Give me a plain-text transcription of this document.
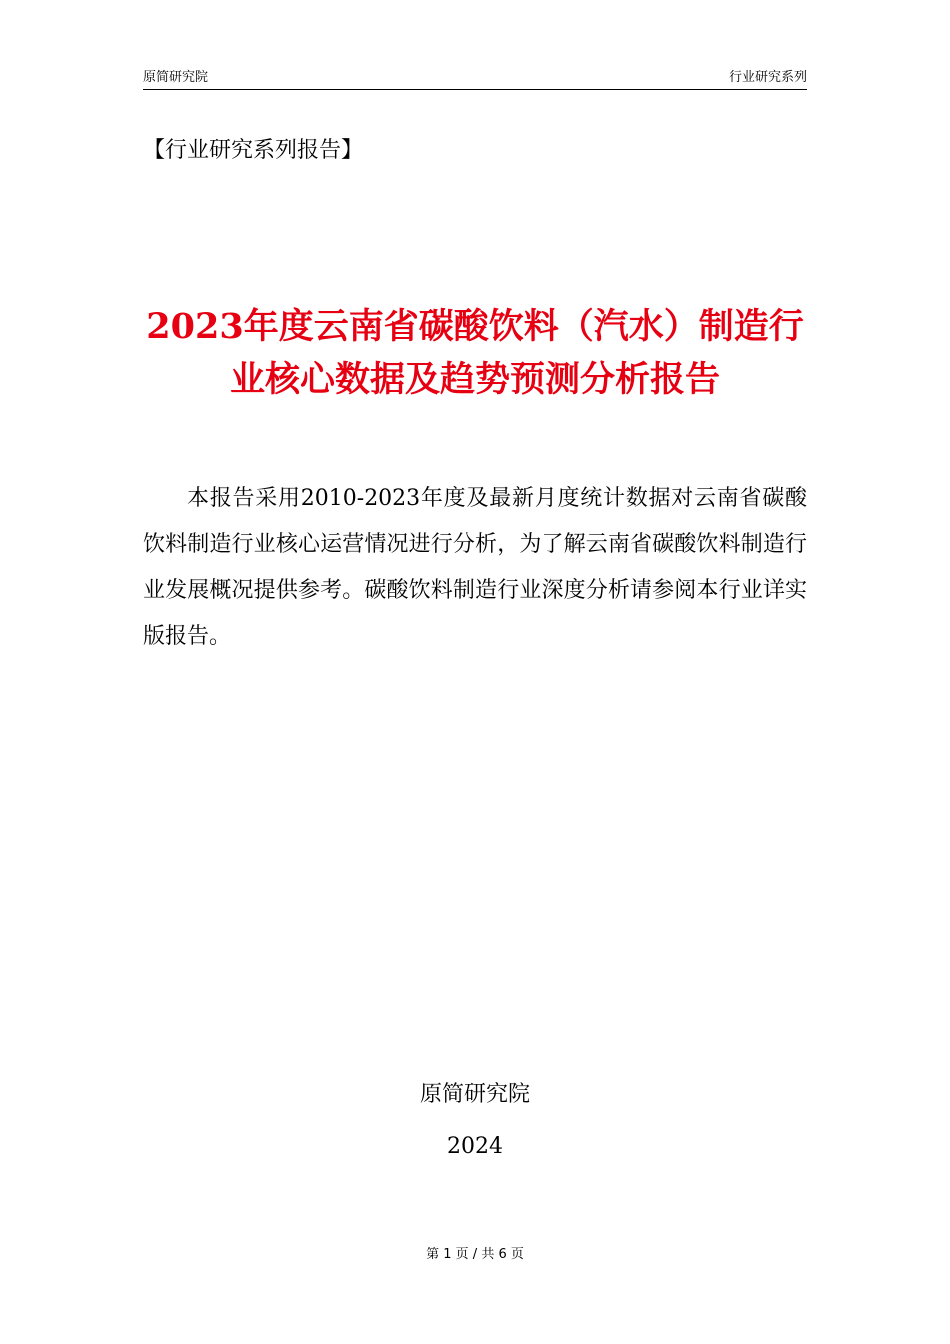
原简研究院	行业研究系列
【行业研究系列报告】
2023年度云南省碳酸饮料（汽水）制造行业核心数据及趋势预测分析报告
本报告采用2010-2023年度及最新月度统计数据对云南省碳酸饮料制造行业核心运营情况进行分析，为了解云南省碳酸饮料制造行业发展概况提供参考。碳酸饮料制造行业深度分析请参阅本行业详实版报告。
原简研究院
2024
第 1 页 / 共 6 页
